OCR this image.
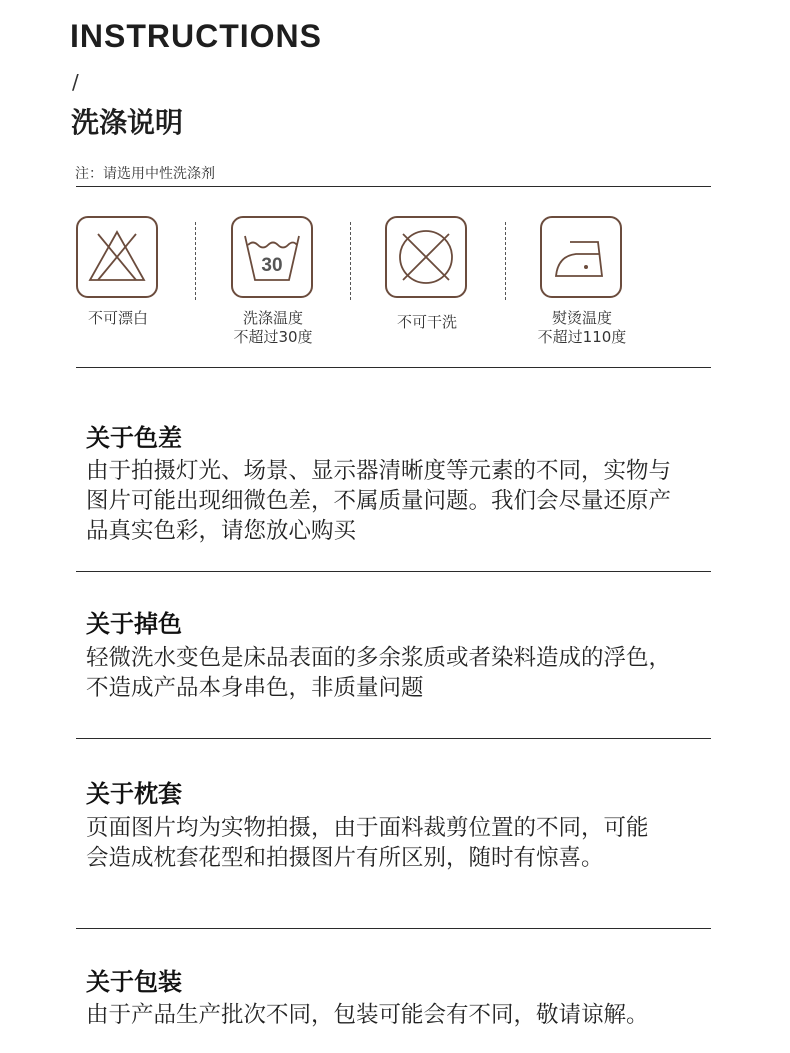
INSTRUCTIONS
/
洗涤说明
注：请选用中性洗涤剂
30
不可漂白	洗涤温度
不超过30度
不可干洗	熨烫温度
不超过110度
关于色差
由于拍摄灯光、场景、显示器清晰度等元素的不同，实物与
图片可能出现细微色差，不属质量问题。我们会尽量还原产
品真实色彩，请您放心购买
关于掉色
轻微洗水变色是床品表面的多余浆质或者染料造成的浮色，
不造成产品本身串色，非质量问题
关于枕套
页面图片均为实物拍摄，由于面料裁剪位置的不同，可能
会造成枕套花型和拍摄图片有所区别，随时有惊喜。
关于包装
由于产品生产批次不同，包装可能会有不同，敬请谅解。
